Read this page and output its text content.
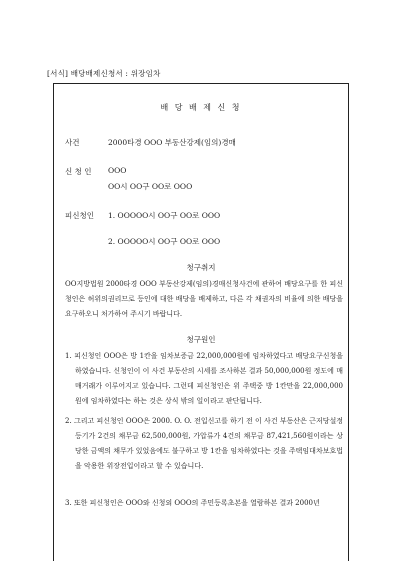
[서식] 배당배제신청서 : 위장임차
배 당 배 제 신 청
사건	2000타경 OOO 부동산강제(임의)경매
신 청 인 OOO
OO시 OO구 OO로 OOO
피신청인 1. OOOOO시 OO구 OO로 OOO
2. OOOOO시 OO구 OO로 OOO
청구취지

OO지방법원 2000타경 OOO 부동산강제(임의)경매신청사건에 관하여 배당요구를 한 피신청인은 허위의권리므로 등인에 대한 배당을 배제하고, 다른 각 채권자의 비율에 의한 배당을 요구하오니 처가하여 주시기 바랍니다.

청구원인

1. 피신청인 OOO은 방 1칸을 임차보증금 22,000,000원에 임차하였다고 배당요구신청을 하였습니다. 신청인이 이 사건 부동산의 시세를 조사하본 결과 50,000,000원 정도에 매매거래가 이루어지고 있습니다. 그런데 피신청인은 위 주택중 방 1칸만을 22,000,000원에 임차하였다는 하는 것은 상식 밖의 일이라고 판단됩니다.

2. 그리고 피신청인 OOO은 2000. O. O. 전입신고를 하기 전 이 사건 부동산은 근저당설정등기가 2건의 채무금 62,500,000원, 가압류가 4건의 채무금 87,421,560원이라는 상당한 금액의 채무가 있었음에도 불구하고 방 1칸을 임차하였다는 것을 주택임대차보호법을 악용한 위장전입이라고 할 수 있습니다.

3. 또한 피신청인은 OOO와 신청외 OOO의 주민등록초본을 열람하본 결과 2000년
